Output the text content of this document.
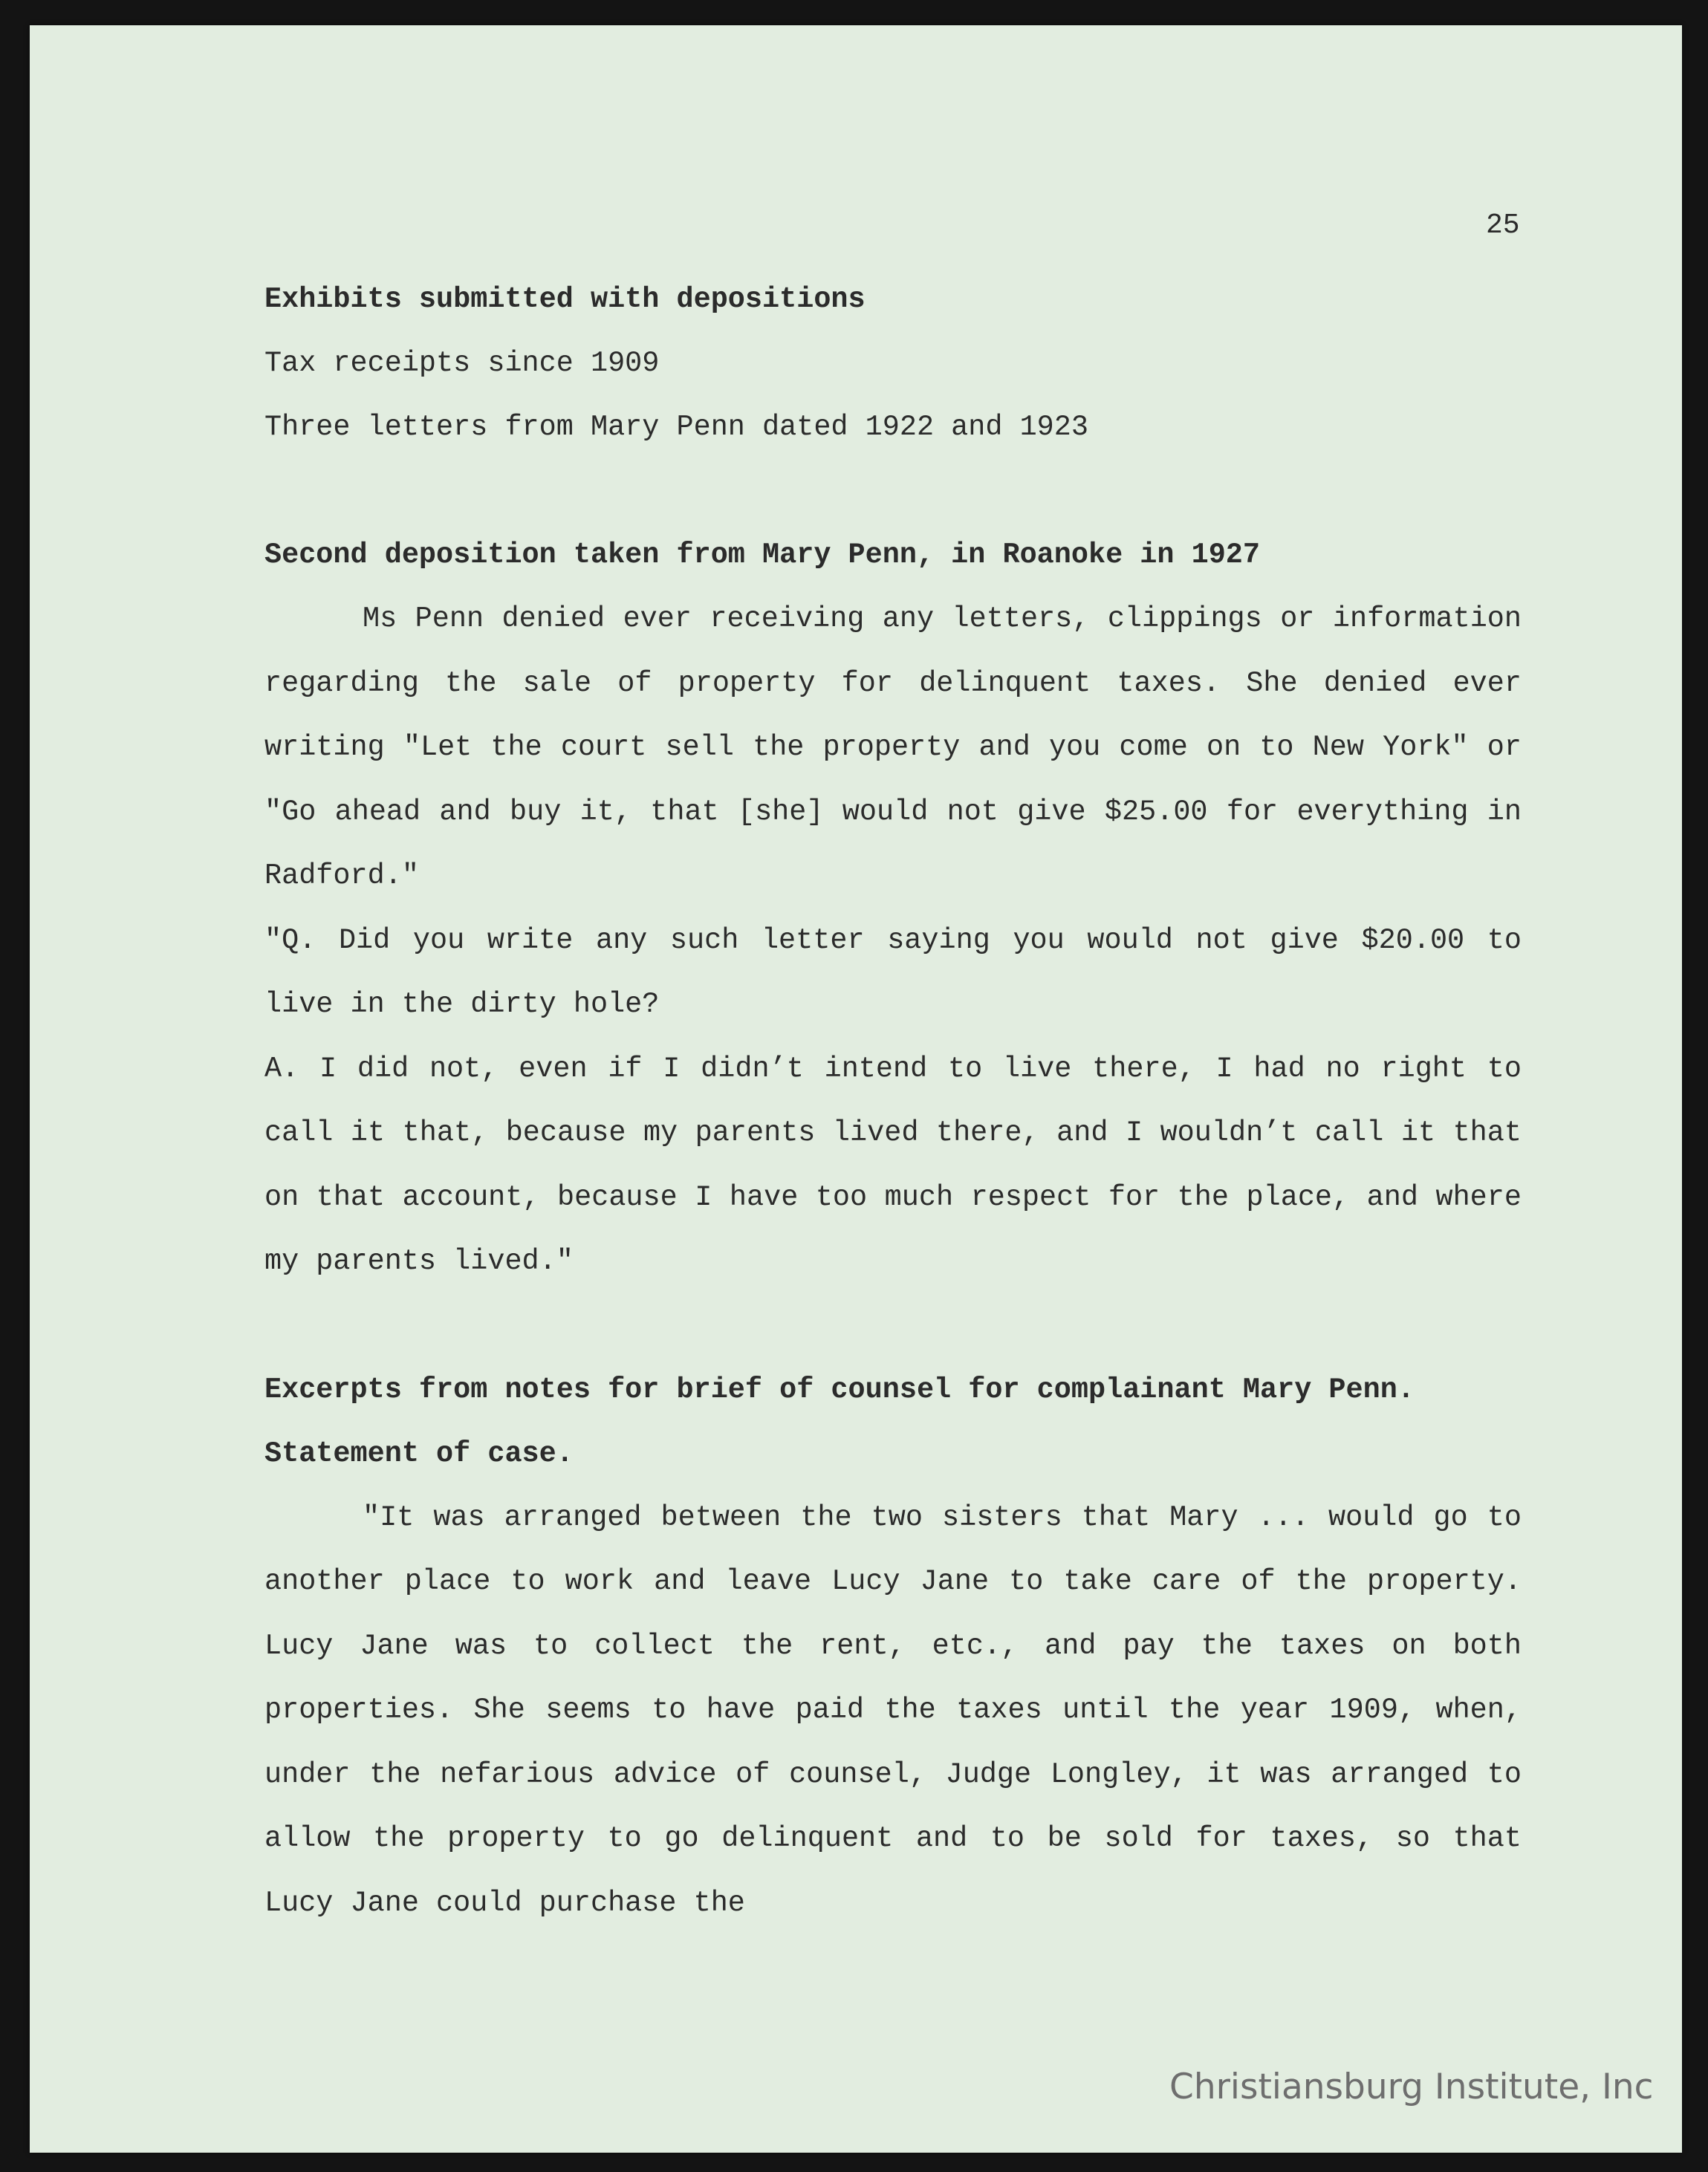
25
Exhibits submitted with depositions
Tax receipts since 1909
Three letters from Mary Penn dated 1922 and 1923
Second deposition taken from Mary Penn, in Roanoke in 1927

Ms Penn denied ever receiving any letters, clippings or information regarding the sale of property for delinquent taxes. She denied ever writing "Let the court sell the property and you come on to New York" or "Go ahead and buy it, that [she] would not give $25.00 for everything in Radford."

"Q. Did you write any such letter saying you would not give $20.00 to live in the dirty hole?

A. I did not, even if I didn’t intend to live there, I had no right to call it that, because my parents lived there, and I wouldn’t call it that on that account, because I have too much respect for the place, and where my parents lived."

Excerpts from notes for brief of counsel for complainant Mary Penn.
Statement of case.

"It was arranged between the two sisters that Mary ... would go to another place to work and leave Lucy Jane to take care of the property. Lucy Jane was to collect the rent, etc., and pay the taxes on both properties. She seems to have paid the taxes until the year 1909, when, under the nefarious advice of counsel, Judge Longley, it was arranged to allow the property to go delinquent and to be sold for taxes, so that Lucy Jane could purchase the

Christiansburg Institute, Inc
